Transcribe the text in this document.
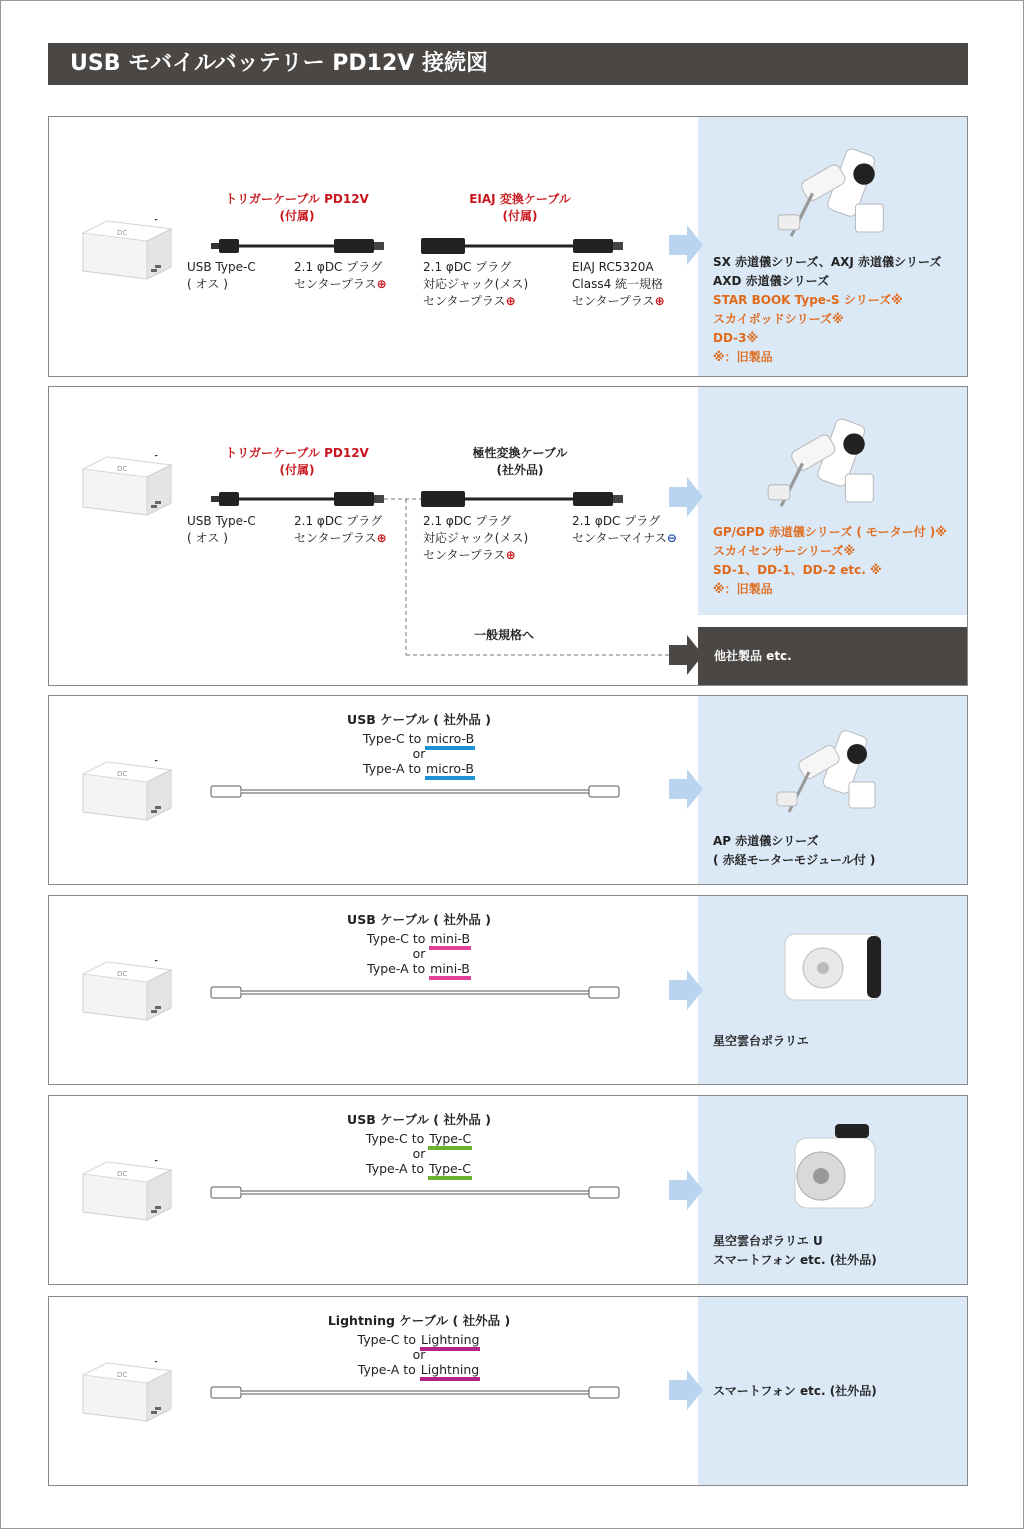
USB モバイルバッテリー PD12V 接続図
トリガーケーブル PD12V
(付属)
EIAJ 変換ケーブル
(付属)
USB Type-C
( オス )
2.1 φDC プラグ
センタープラス⊕
2.1 φDC プラグ
対応ジャック(メス)
センタープラス⊕
EIAJ RC5320A
Class4 統一規格
センタープラス⊕
SX 赤道儀シリーズ、AXJ 赤道儀シリーズ
AXD 赤道儀シリーズ
STAR BOOK Type-S シリーズ※
スカイポッドシリーズ※
DD-3※
※：旧製品
トリガーケーブル PD12V
(付属)
極性変換ケーブル
(社外品)
USB Type-C
( オス )
2.1 φDC プラグ
センタープラス⊕
2.1 φDC プラグ
対応ジャック(メス)
センタープラス⊕
2.1 φDC プラグ
センターマイナス⊖
一般規格へ
GP/GPD 赤道儀シリーズ ( モーター付 )※
スカイセンサーシリーズ※
SD-1、DD-1、DD-2 etc. ※
※：旧製品
他社製品 etc.
USB ケーブル ( 社外品 )
Type-C to micro-B
or
Type-A to micro-B
AP 赤道儀シリーズ
( 赤経モーターモジュール付 )
USB ケーブル ( 社外品 )
Type-C to mini-B
or
Type-A to mini-B
星空雲台ポラリエ
USB ケーブル ( 社外品 )
Type-C to Type-C
or
Type-A to Type-C
星空雲台ポラリエ U
スマートフォン etc. (社外品)
Lightning ケーブル ( 社外品 )
Type-C to Lightning
or
Type-A to Lightning
スマートフォン etc. (社外品)
